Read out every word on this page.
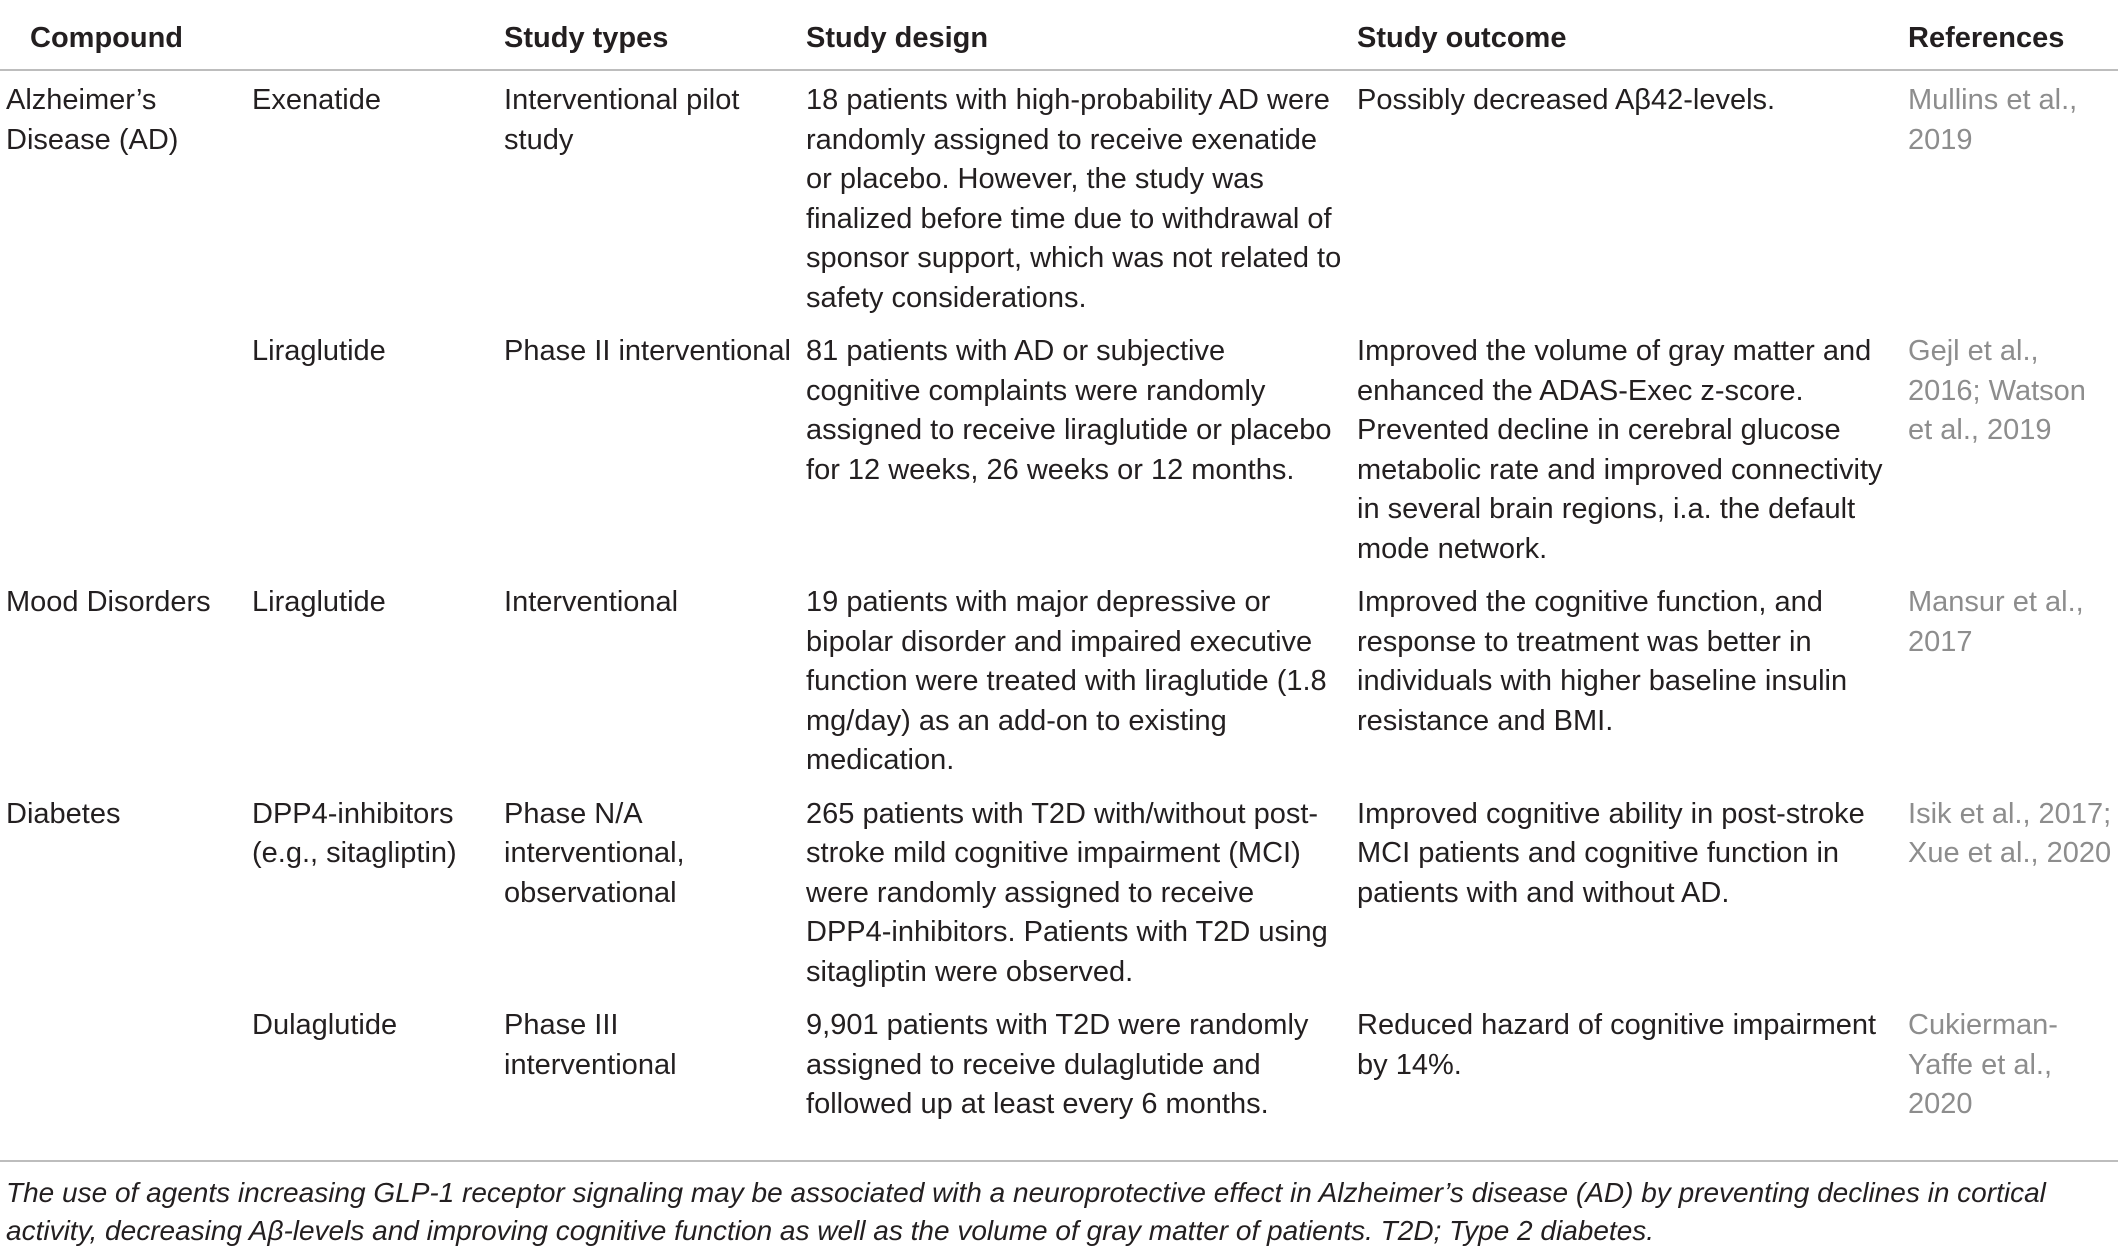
Compound		Study types	Study design	Study outcome	References
Alzheimer’s Disease (AD)	Exenatide	Interventional pilot study	18 patients with high-probability AD were randomly assigned to receive exenatide or placebo. However, the study was finalized before time due to withdrawal of sponsor support, which was not related to safety considerations.	Possibly decreased Aβ42-levels.	Mullins et al., 2019
	Liraglutide	Phase II interventional	81 patients with AD or subjective cognitive complaints were randomly assigned to receive liraglutide or placebo for 12 weeks, 26 weeks or 12 months.	Improved the volume of gray matter and enhanced the ADAS-Exec z-score. Prevented decline in cerebral glucose metabolic rate and improved connectivity in several brain regions, i.a. the default mode network.	Gejl et al., 2016; Watson et al., 2019
Mood Disorders	Liraglutide	Interventional	19 patients with major depressive or bipolar disorder and impaired executive function were treated with liraglutide (1.8 mg/day) as an add-on to existing medication.	Improved the cognitive function, and response to treatment was better in individuals with higher baseline insulin resistance and BMI.	Mansur et al., 2017
Diabetes	DPP4-inhibitors (e.g., sitagliptin)	Phase N/A interventional, observational	265 patients with T2D with/without post-stroke mild cognitive impairment (MCI) were randomly assigned to receive DPP4-inhibitors. Patients with T2D using sitagliptin were observed.	Improved cognitive ability in post-stroke MCI patients and cognitive function in patients with and without AD.	Isik et al., 2017; Xue et al., 2020
	Dulaglutide	Phase III interventional	9,901 patients with T2D were randomly assigned to receive dulaglutide and followed up at least every 6 months.	Reduced hazard of cognitive impairment by 14%.	Cukierman-Yaffe et al., 2020
The use of agents increasing GLP-1 receptor signaling may be associated with a neuroprotective effect in Alzheimer’s disease (AD) by preventing declines in cortical activity, decreasing Aβ-levels and improving cognitive function as well as the volume of gray matter of patients. T2D; Type 2 diabetes.
